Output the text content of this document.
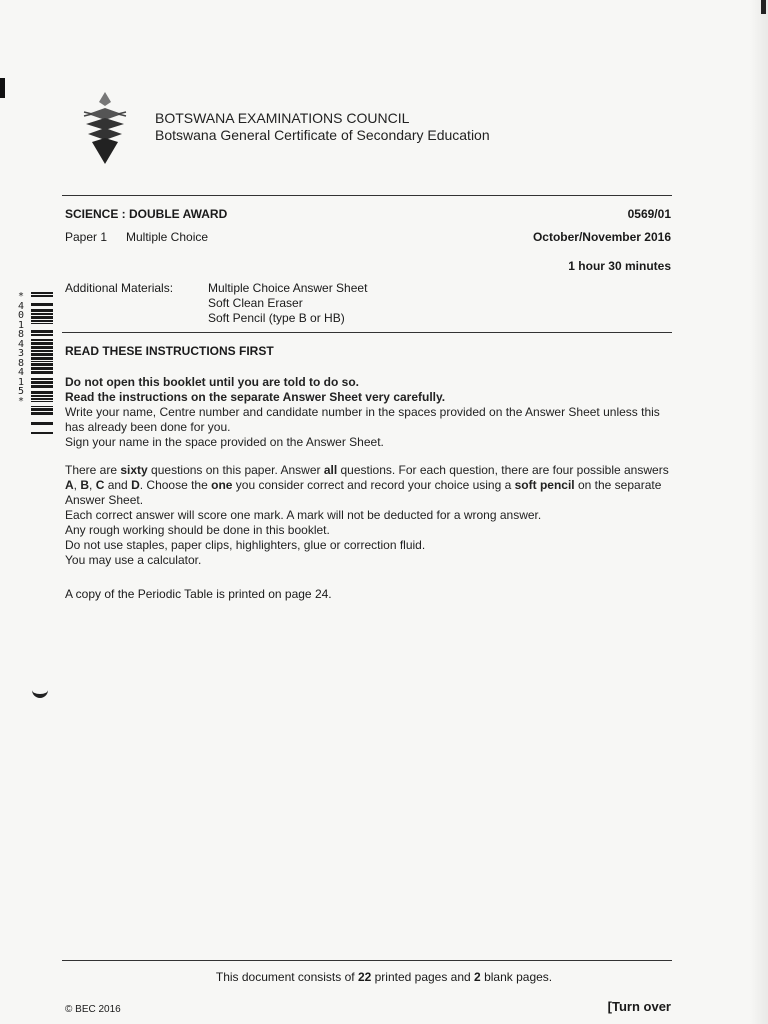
BOTSWANA EXAMINATIONS COUNCIL
Botswana General Certificate of Secondary Education
SCIENCE : DOUBLE AWARD	0569/01
Paper 1 Multiple Choice	October/November 2016
1 hour 30 minutes
Additional Materials:	Multiple Choice Answer Sheet
Soft Clean Eraser
Soft Pencil (type B or HB)
READ THESE INSTRUCTIONS FIRST

Do not open this booklet until you are told to do so.

Read the instructions on the separate Answer Sheet very carefully.

Write your name, Centre number and candidate number in the spaces provided on the Answer Sheet unless this has already been done for you.

Sign your name in the space provided on the Answer Sheet.

There are sixty questions on this paper. Answer all questions. For each question, there are four possible answers A, B, C and D. Choose the one you consider correct and record your choice using a soft pencil on the separate Answer Sheet.

Each correct answer will score one mark. A mark will not be deducted for a wrong answer.

Any rough working should be done in this booklet.

Do not use staples, paper clips, highlighters, glue or correction fluid.

You may use a calculator.

A copy of the Periodic Table is printed on page 24.
*
4
0
1
8
4
3
8
4
1
5
*
This document consists of 22 printed pages and 2 blank pages.
© BEC 2016	[Turn over
